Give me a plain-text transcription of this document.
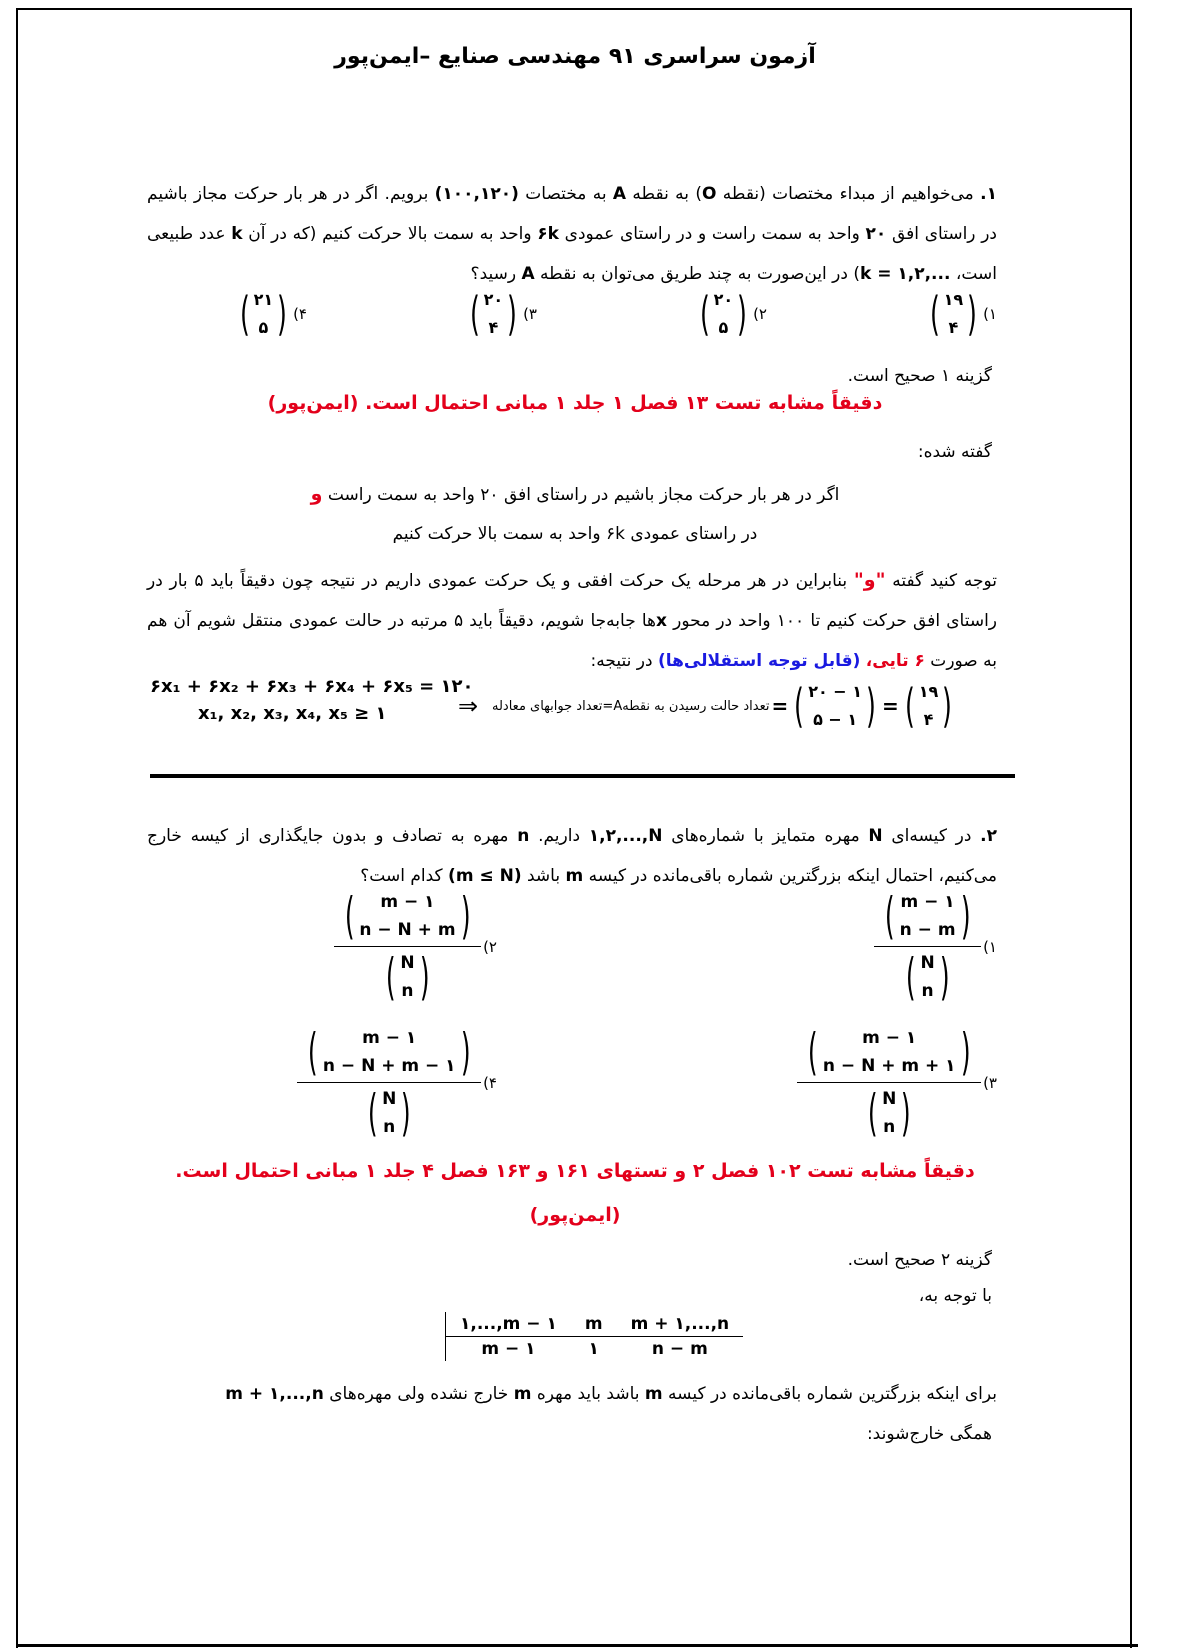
آزمون سراسری ۹۱ مهندسی صنایع –ایمن‌پور
۱. می‌خواهیم از مبداء مختصات (نقطه O) به نقطه A به مختصات (۱۰۰,۱۲۰) برویم. اگر در هر بار حرکت مجاز باشیم در راستای افق ۲۰ واحد به سمت راست و در راستای عمودی ۶k واحد به سمت بالا حرکت کنیم (که در آن k عدد طبیعی است، k = ۱,۲,...) در این‌صورت به چند طریق می‌توان به نقطه A رسید؟
( ۱۹
۴ ) (۱
( ۲۰
۵ ) (۲
( ۲۰
۴ ) (۳
( ۲۱
۵ ) (۴
گزینه ۱ صحیح است.
دقیقاً مشابه تست ۱۳ فصل ۱ جلد ۱ مبانی احتمال است. (ایمن‌پور)
گفته شده:
اگر در هر بار حرکت مجاز باشیم در راستای افق ۲۰ واحد به سمت راست و
در راستای عمودی ۶k واحد به سمت بالا حرکت کنیم
توجه کنید گفته "و" بنابراین در هر مرحله یک حرکت افقی و یک حرکت عمودی داریم در نتیجه چون دقیقاً باید ۵ بار در راستای افق حرکت کنیم تا ۱۰۰ واحد در محور xها جابه‌جا شویم، دقیقاً باید ۵ مرتبه در حالت عمودی منتقل شویم آن هم به صورت ۶ تایی، (قابل توجه استقلالی‌ها) در نتیجه:
۶x₁ + ۶x₂ + ۶x₃ + ۶x₄ + ۶x₅ = ۱۲۰
x₁, x₂, x₃, x₄, x₅ ≥ ۱	⇒ تعداد حالت رسیدن به نقطهA=تعداد جوابهای معادله = ( ۲۰ − ۱
۵ − ۱ ) = ( ۱۹
۴ )
۲. در کیسه‌ای N مهره متمایز با شماره‌های ۱,۲,...,N داریم. n مهره به تصادف و بدون جایگذاری از کیسه خارج می‌کنیم، احتمال اینکه بزرگترین شماره باقی‌مانده در کیسه m باشد (m ≤ N) کدام است؟
( m − ۱
n − m )
( N
n ) (۱
( m − ۱
n − N + m )
( N
n ) (۲
(	m − ۱
n − N + m + ۱ )
( N
n ) (۳
(	m − ۱
n − N + m − ۱ )
( N
n ) (۴
دقیقاً مشابه تست ۱۰۲ فصل ۲ و تستهای ۱۶۱ و ۱۶۳ فصل ۴ جلد ۱ مبانی احتمال است.
(ایمن‌پور)
گزینه ۲ صحیح است.
با توجه به،
۱,...,m − ۱	m	m + ۱,...,n
m − ۱	۱	n − m
برای اینکه بزرگترین شماره باقی‌مانده در کیسه m باشد باید مهره m خارج نشده ولی مهره‌های m + ۱,...,n
همگی خارج‌شوند:
